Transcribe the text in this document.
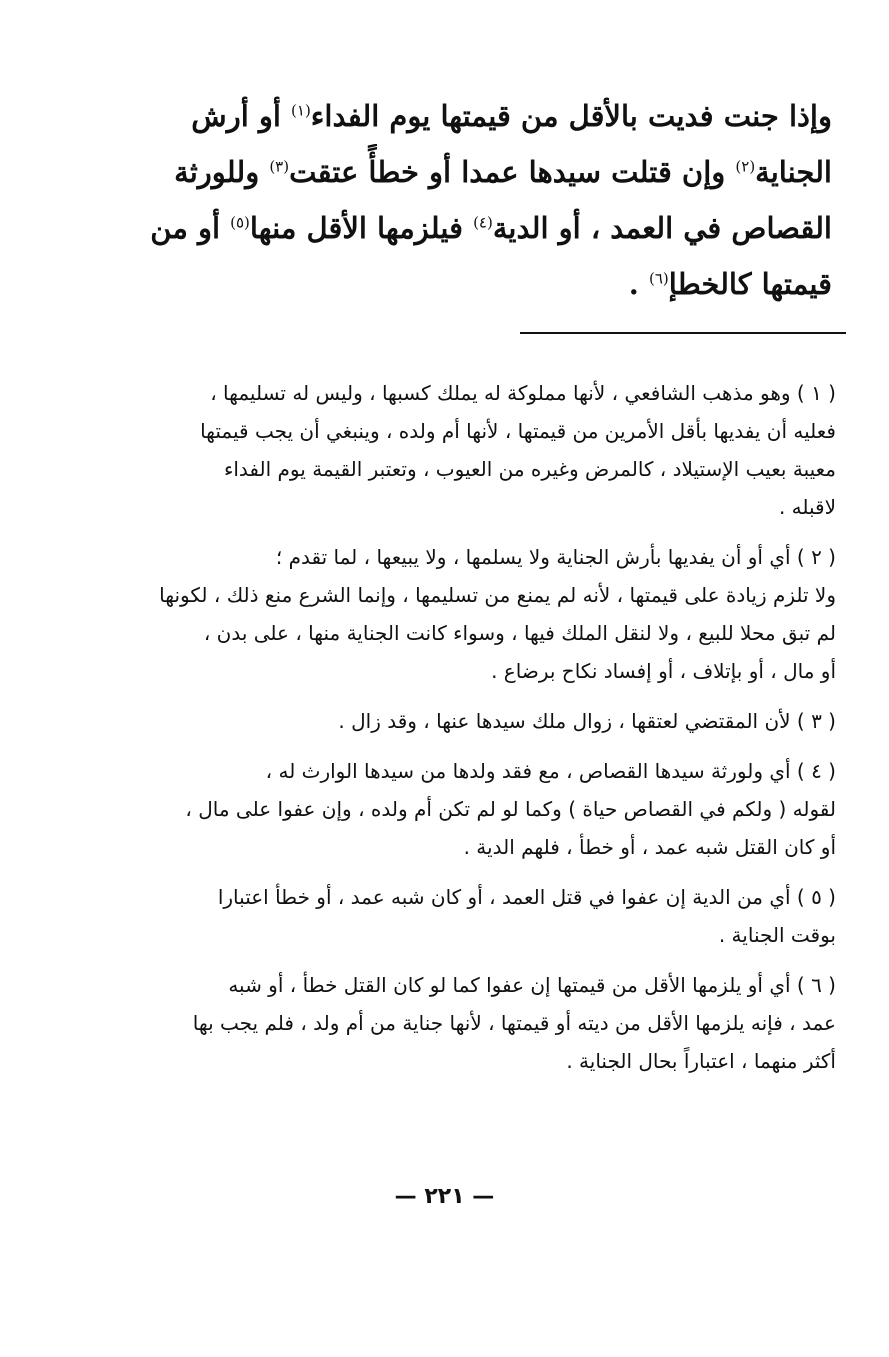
وإذا جنت فديت بالأقل من قيمتها يوم الفداء$^{(١)}$ أو أرش
الجناية$^{(٢)}$ وإن قتلت سيدها عمدا أو خطأً عتقت$^{(٣)}$ وللورثة
القصاص في العمد ، أو الدية$^{(٤)}$ فيلزمها الأقل منها$^{(٥)}$ أو من
قيمتها كالخطإ$^{(٦)}$ .
( ١ ) وهو مذهب الشافعي ، لأنها مملوكة له يملك كسبها ، وليس له تسليمها ،
فعليه أن يفديها بأقل الأمرين من قيمتها ، لأنها أم ولده ، وينبغي أن يجب قيمتها
معيبة بعيب الإستيلاد ، كالمرض وغيره من العيوب ، وتعتبر القيمة يوم الفداء
لاقبله .
( ٢ ) أي أو أن يفديها بأرش الجناية ولا يسلمها ، ولا يبيعها ، لما تقدم ؛
ولا تلزم زيادة على قيمتها ، لأنه لم يمنع من تسليمها ، وإنما الشرع منع ذلك ، لكونها
لم تبق محلا للبيع ، ولا لنقل الملك فيها ، وسواء كانت الجناية منها ، على بدن ،
أو مال ، أو بإتلاف ، أو إفساد نكاح برضاع .
( ٣ ) لأن المقتضي لعتقها ، زوال ملك سيدها عنها ، وقد زال .
( ٤ ) أي ولورثة سيدها القصاص ، مع فقد ولدها من سيدها الوارث له ،
لقوله ( ولكم في القصاص حياة ) وكما لو لم تكن أم ولده ، وإن عفوا على مال ،
أو كان القتل شبه عمد ، أو خطأ ، فلهم الدية .
( ٥ ) أي من الدية إن عفوا في قتل العمد ، أو كان شبه عمد ، أو خطأ اعتبارا
بوقت الجناية .
( ٦ ) أي أو يلزمها الأقل من قيمتها إن عفوا كما لو كان القتل خطأ ، أو شبه
عمد ، فإنه يلزمها الأقل من ديته أو قيمتها ، لأنها جناية من أم ولد ، فلم يجب بها
أكثر منهما ، اعتباراً بحال الجناية .
— ٢٢١ —
